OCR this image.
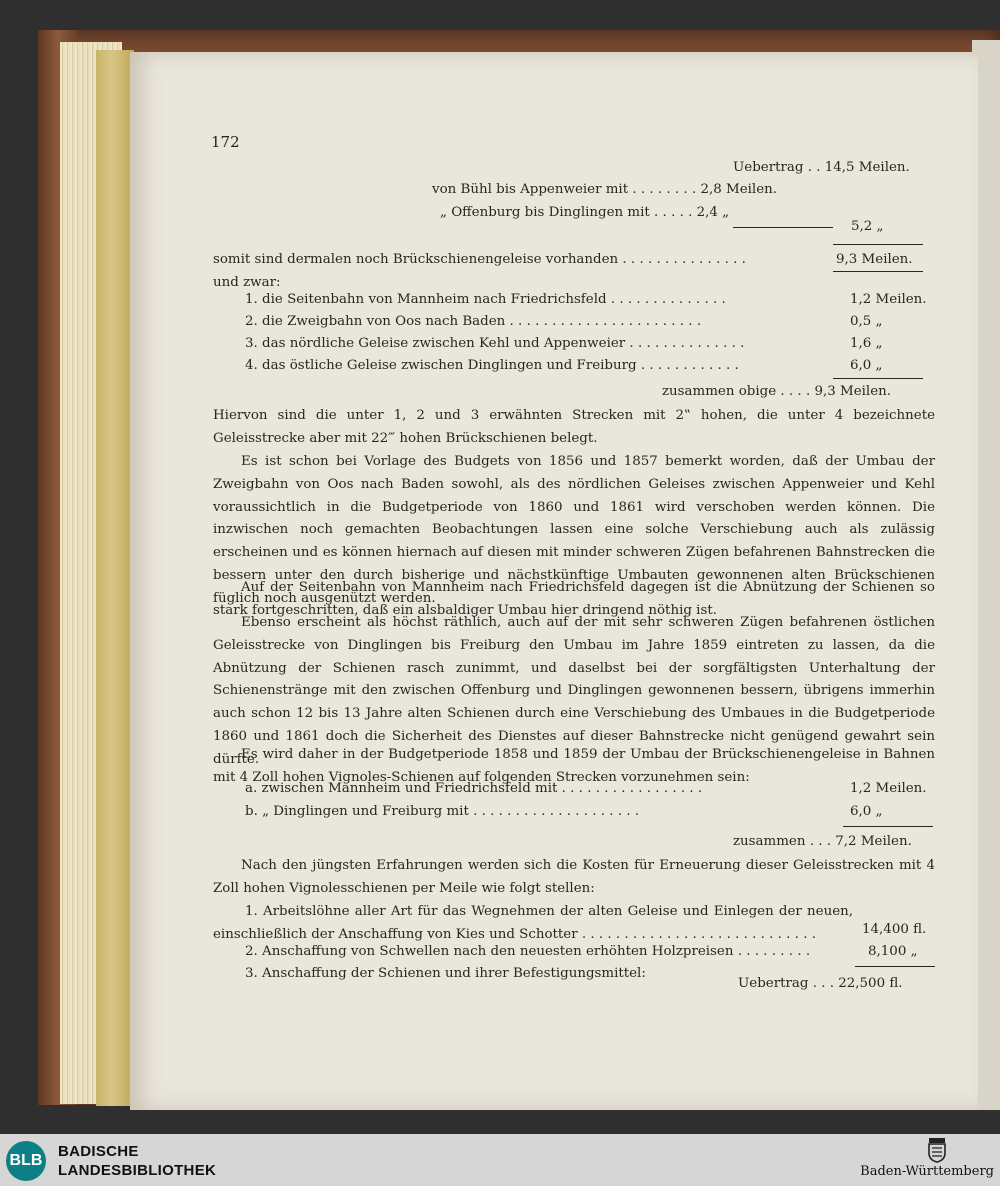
172
Uebertrag . . 14,5 Meilen.
von Bühl bis Appenweier mit . . . . . . . . 2,8 Meilen.
„ Offenburg bis Dinglingen mit . . . . . 2,4 „
5,2 „
somit sind dermalen noch Brückschienengeleise vorhanden . . . . . . . . . . . . . . .	9,3 Meilen.
und zwar:
1. die Seitenbahn von Mannheim nach Friedrichsfeld . . . . . . . . . . . . . .	1,2 Meilen.
2. die Zweigbahn von Oos nach Baden . . . . . . . . . . . . . . . . . . . . . . .	0,5 „
3. das nördliche Geleise zwischen Kehl und Appenweier . . . . . . . . . . . . . .	1,6 „
4. das östliche Geleise zwischen Dinglingen und Freiburg . . . . . . . . . . . .	6,0 „
zusammen obige . . . . 9,3 Meilen.
Hiervon sind die unter 1, 2 und 3 erwähnten Strecken mit 2‟ hohen, die unter 4 bezeichnete Geleisstrecke aber mit 22‴ hohen Brückschienen belegt.
Es ist schon bei Vorlage des Budgets von 1856 und 1857 bemerkt worden, daß der Umbau der Zweigbahn von Oos nach Baden sowohl, als des nördlichen Geleises zwischen Appenweier und Kehl voraussichtlich in die Budgetperiode von 1860 und 1861 wird verschoben werden können. Die inzwischen noch gemachten Beobachtungen lassen eine solche Verschiebung auch als zulässig erscheinen und es können hiernach auf diesen mit minder schweren Zügen befahrenen Bahnstrecken die bessern unter den durch bisherige und nächstkünftige Umbauten gewonnenen alten Brückschienen füglich noch ausgenützt werden.
Auf der Seitenbahn von Mannheim nach Friedrichsfeld dagegen ist die Abnützung der Schienen so stark fortgeschritten, daß ein alsbaldiger Umbau hier dringend nöthig ist.
Ebenso erscheint als höchst räthlich, auch auf der mit sehr schweren Zügen befahrenen östlichen Geleisstrecke von Dinglingen bis Freiburg den Umbau im Jahre 1859 eintreten zu lassen, da die Abnützung der Schienen rasch zunimmt, und daselbst bei der sorgfältigsten Unterhaltung der Schienenstränge mit den zwischen Offenburg und Dinglingen gewonnenen bessern, übrigens immerhin auch schon 12 bis 13 Jahre alten Schienen durch eine Verschiebung des Umbaues in die Budgetperiode 1860 und 1861 doch die Sicherheit des Dienstes auf dieser Bahnstrecke nicht genügend gewahrt sein dürfte.
Es wird daher in der Budgetperiode 1858 und 1859 der Umbau der Brückschienengeleise in Bahnen mit 4 Zoll hohen Vignoles-Schienen auf folgenden Strecken vorzunehmen sein:
a. zwischen Mannheim und Friedrichsfeld mit . . . . . . . . . . . . . . . . .	1,2 Meilen.
b. „ Dinglingen und Freiburg mit . . . . . . . . . . . . . . . . . . . .	6,0 „
zusammen . . . 7,2 Meilen.
Nach den jüngsten Erfahrungen werden sich die Kosten für Erneuerung dieser Geleisstrecken mit 4 Zoll hohen Vignolesschienen per Meile wie folgt stellen:
1. Arbeitslöhne aller Art für das Wegnehmen der alten Geleise und Einlegen der neuen, einschließlich der Anschaffung von Kies und Schotter . . . . . . . . . . . . . . . . . . . . . . . . . . . .	14,400 fl.
2. Anschaffung von Schwellen nach den neuesten erhöhten Holzpreisen . . . . . . . . .	8,100 „
3. Anschaffung der Schienen und ihrer Befestigungsmittel:
Uebertrag . . . 22,500 fl.
BLB
BADISCHE
LANDESBIBLIOTHEK	Baden-Württemberg
